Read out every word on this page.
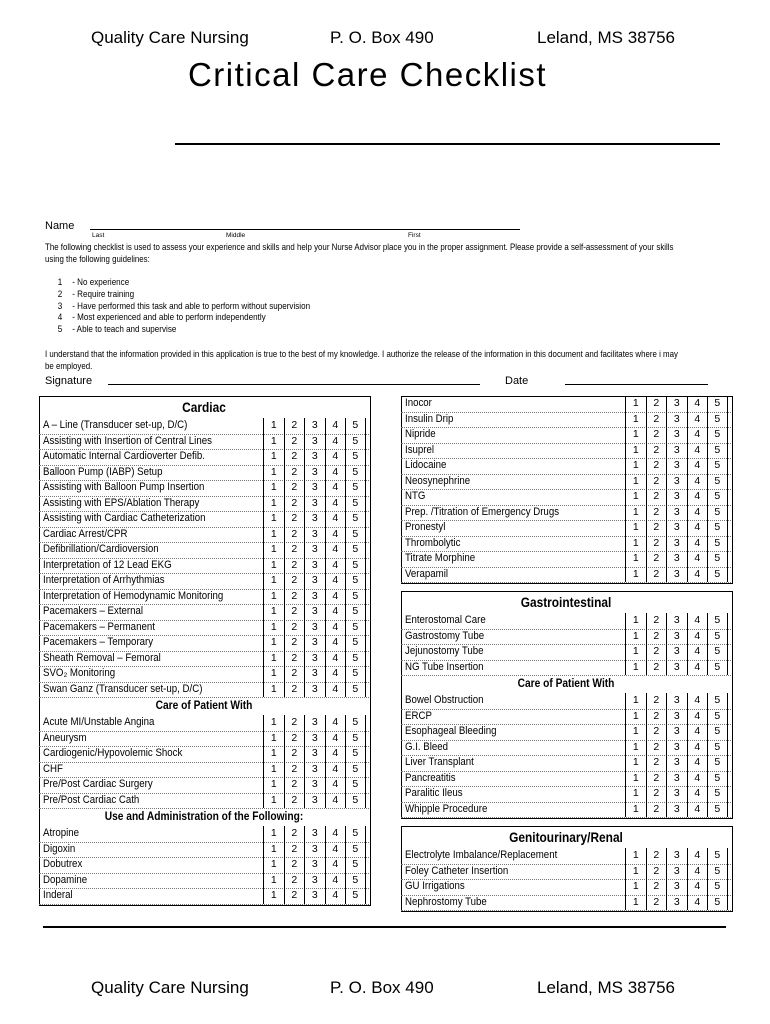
Quality Care Nursing	P. O. Box 490	Leland, MS 38756
Critical Care Checklist
Name
Last	Middle	First
The following checklist is used to assess your experience and skills and help your Nurse Advisor place you in the proper assignment. Please provide a self-assessment of your skills
using the following guidelines:
1 - No experience
2 - Require training
3 - Have performed this task and able to perform without supervision
4 - Most experienced and able to perform independently
5 - Able to teach and supervise
I understand that the information provided in this application is true to the best of my knowledge. I authorize the release of the information in this document and facilitates where i may
be employed.
Signature	Date
Cardiac
A – Line (Transducer set-up, D/C)	1	2	3	4	5
Assisting with Insertion of Central Lines	1	2	3	4	5
Automatic Internal Cardioverter Defib.	1	2	3	4	5
Balloon Pump (IABP) Setup	1	2	3	4	5
Assisting with Balloon Pump Insertion	1	2	3	4	5
Assisting with EPS/Ablation Therapy	1	2	3	4	5
Assisting with Cardiac Catheterization	1	2	3	4	5
Cardiac Arrest/CPR	1	2	3	4	5
Defibrillation/Cardioversion	1	2	3	4	5
Interpretation of 12 Lead EKG	1	2	3	4	5
Interpretation of Arrhythmias	1	2	3	4	5
Interpretation of Hemodynamic Monitoring	1	2	3	4	5
Pacemakers – External	1	2	3	4	5
Pacemakers – Permanent	1	2	3	4	5
Pacemakers – Temporary	1	2	3	4	5
Sheath Removal – Femoral	1	2	3	4	5
SVO₂ Monitoring	1	2	3	4	5
Swan Ganz (Transducer set-up, D/C)	1	2	3	4	5
Care of Patient With
Acute MI/Unstable Angina	1	2	3	4	5
Aneurysm	1	2	3	4	5
Cardiogenic/Hypovolemic Shock	1	2	3	4	5
CHF	1	2	3	4	5
Pre/Post Cardiac Surgery	1	2	3	4	5
Pre/Post Cardiac Cath	1	2	3	4	5
Use and Administration of the Following:
Atropine	1	2	3	4	5
Digoxin	1	2	3	4	5
Dobutrex	1	2	3	4	5
Dopamine	1	2	3	4	5
Inderal	1	2	3	4	5
Inocor	1	2	3	4	5
Insulin Drip	1	2	3	4	5
Nipride	1	2	3	4	5
Isuprel	1	2	3	4	5
Lidocaine	1	2	3	4	5
Neosynephrine	1	2	3	4	5
NTG	1	2	3	4	5
Prep. /Titration of Emergency Drugs	1	2	3	4	5
Pronestyl	1	2	3	4	5
Thrombolytic	1	2	3	4	5
Titrate Morphine	1	2	3	4	5
Verapamil	1	2	3	4	5
Gastrointestinal
Enterostomal Care	1	2	3	4	5
Gastrostomy Tube	1	2	3	4	5
Jejunostomy Tube	1	2	3	4	5
NG Tube Insertion	1	2	3	4	5
Care of Patient With
Bowel Obstruction	1	2	3	4	5
ERCP	1	2	3	4	5
Esophageal Bleeding	1	2	3	4	5
G.I. Bleed	1	2	3	4	5
Liver Transplant	1	2	3	4	5
Pancreatitis	1	2	3	4	5
Paralitic Ileus	1	2	3	4	5
Whipple Procedure	1	2	3	4	5
Genitourinary/Renal
Electrolyte Imbalance/Replacement	1	2	3	4	5
Foley Catheter Insertion	1	2	3	4	5
GU Irrigations	1	2	3	4	5
Nephrostomy Tube	1	2	3	4	5
Quality Care Nursing	P. O. Box 490	Leland, MS 38756
